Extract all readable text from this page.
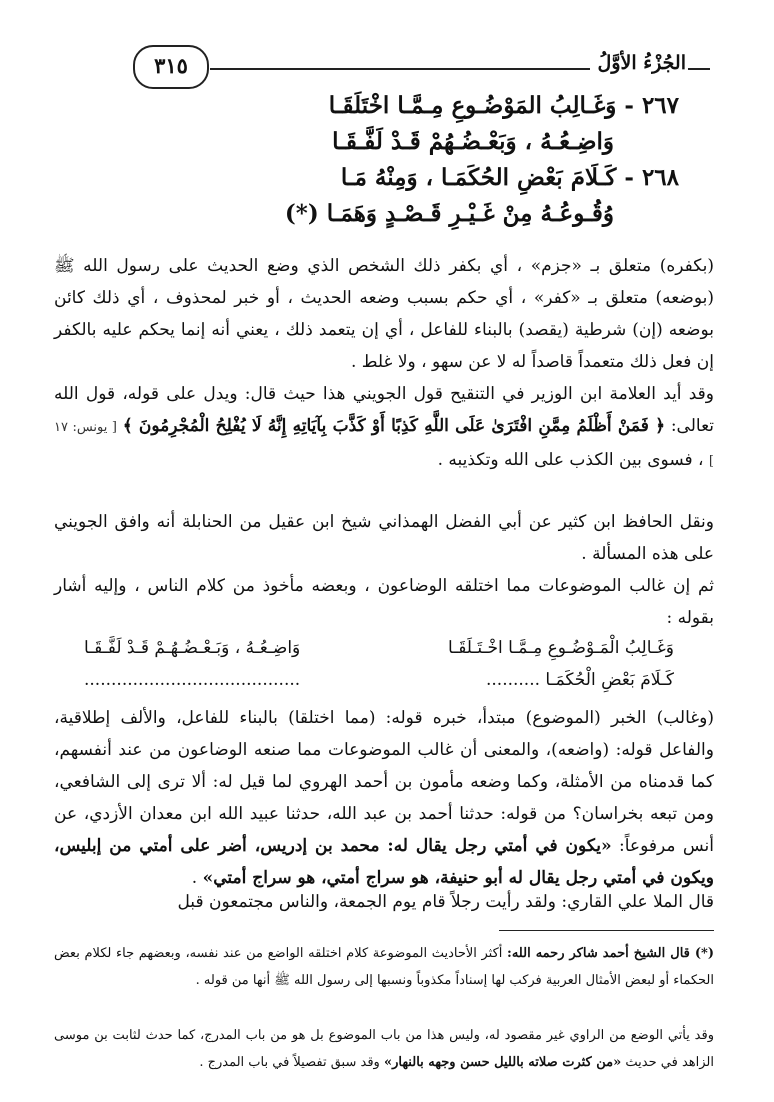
الجُزْءُ الأوَّلُ
٣١٥
٢٦٧ - وَغَـالِبُ المَوْضُـوعِ مِـمَّـا اخْتَلَقَـا
وَاضِـعُـهُ ، وَبَعْـضُـهُمْ قَـدْ لَفَّـقَـا
٢٦٨ - كَـلَامَ بَعْضِ الحُكَمَـا ، وَمِنْهُ مَـا
وُقُـوعُـهُ مِنْ غَـيْـرِ قَـصْـدٍ وَهَمَـا (*)
(بكفره) متعلق بـ «جزم» ، أي بكفر ذلك الشخص الذي وضع الحديث على رسول الله ﷺ (بوضعه) متعلق بـ «كفر» ، أي حكم بسبب وضعه الحديث ، أو خبر لمحذوف ، أي ذلك كائن بوضعه (إن) شرطية (يقصد) بالبناء للفاعل ، أي إن يتعمد ذلك ، يعني أنه إنما يحكم عليه بالكفر إن فعل ذلك متعمداً قاصداً له لا عن سهو ، ولا غلط .
وقد أيد العلامة ابن الوزير في التنقيح قول الجويني هذا حيث قال: ويدل على قوله، قول الله تعالى: ﴿ فَمَنْ أَظْلَمُ مِمَّنِ افْتَرَىٰ عَلَى اللَّهِ كَذِبًا أَوْ كَذَّبَ بِآيَاتِهِ إِنَّهُ لَا يُفْلِحُ الْمُجْرِمُونَ ﴾ [ يونس: ١٧ ] ، فسوى بين الكذب على الله وتكذيبه .
ونقل الحافظ ابن كثير عن أبي الفضل الهمذاني شيخ ابن عقيل من الحنابلة أنه وافق الجويني على هذه المسألة .
ثم إن غالب الموضوعات مما اختلقه الوضاعون ، وبعضه مأخوذ من كلام الناس ، وإليه أشار بقوله :
وَغَـالِبُ الْمَـوْضُـوعِ مِـمَّـا اخْـتَـلَقَـا
وَاضِـعُـهُ ، وَبَـعْـضُـهُـمْ قَـدْ لَفَّـقَـا
كَـلَامَ بَعْضِ الْحُكَمَـا ..........
........................................
(وغالب) الخبر (الموضوع) مبتدأ، خبره قوله: (مما اختلقا) بالبناء للفاعل، والألف إطلاقية، والفاعل قوله: (واضعه)، والمعنى أن غالب الموضوعات مما صنعه الوضاعون من عند أنفسهم، كما قدمناه من الأمثلة، وكما وضعه مأمون بن أحمد الهروي لما قيل له: ألا ترى إلى الشافعي، ومن تبعه بخراسان؟ من قوله: حدثنا أحمد بن عبد الله، حدثنا عبيد الله ابن معدان الأزدي، عن أنس مرفوعاً: «يكون في أمتي رجل يقال له: محمد بن إدريس، أضر على أمتي من إبليس، ويكون في أمتي رجل يقال له أبو حنيفة، هو سراج أمتي، هو سراج أمتي» .
قال الملا علي القاري: ولقد رأيت رجلاً قام يوم الجمعة، والناس مجتمعون قبل
(*) قال الشيخ أحمد شاكر رحمه الله: أكثر الأحاديث الموضوعة كلام اختلقه الواضع من عند نفسه، وبعضهم جاء لكلام بعض الحكماء أو لبعض الأمثال العربية فركب لها إسناداً مكذوباً ونسبها إلى رسول الله ﷺ أنها من قوله .
وقد يأتي الوضع من الراوي غير مقصود له، وليس هذا من باب الموضوع بل هو من باب المدرج، كما حدث لثابت بن موسى الزاهد في حديث «من كثرت صلاته بالليل حسن وجهه بالنهار» وقد سبق تفصيلاً في باب المدرج .
